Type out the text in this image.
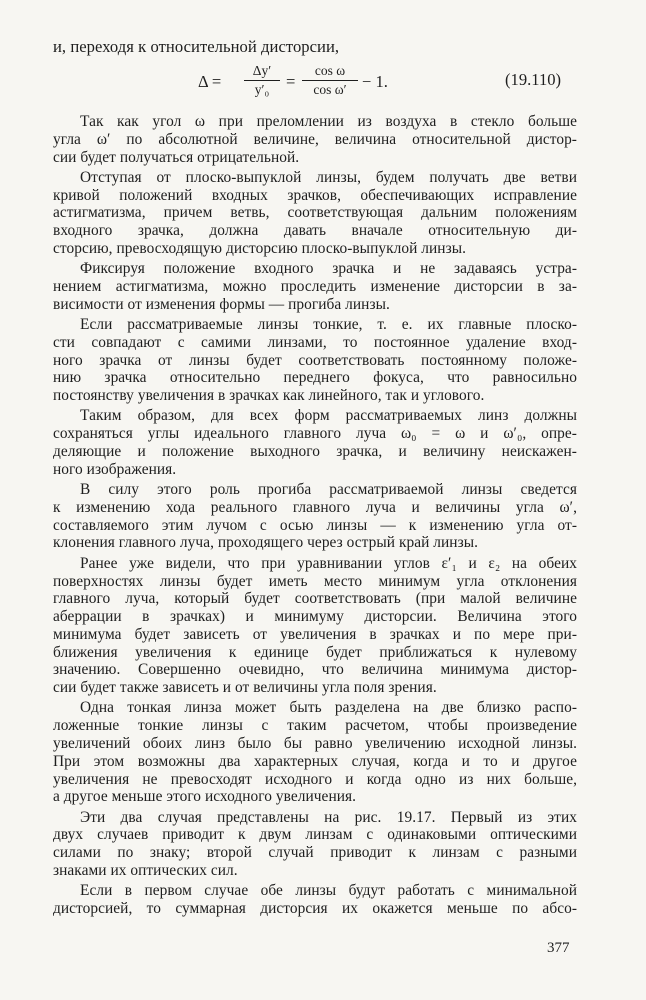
и, переходя к относительной дисторсии,
Δ =
Δy′
y′₀	=
cos ω
cos ω′ − 1.	(19.110)
Так как угол ω при преломлении из воздуха в стекло больше
угла ω′ по абсолютной величине, величина относительной дистор-
сии будет получаться отрицательной.
Отступая от плоско-выпуклой линзы, будем получать две ветви
кривой положений входных зрачков, обеспечивающих исправление
астигматизма, причем ветвь, соответствующая дальним положениям
входного зрачка, должна давать вначале относительную ди-
сторсию, превосходящую дисторсию плоско-выпуклой линзы.
Фиксируя положение входного зрачка и не задаваясь устра-
нением астигматизма, можно проследить изменение дисторсии в за-
висимости от изменения формы — прогиба линзы.
Если рассматриваемые линзы тонкие, т. е. их главные плоско-
сти совпадают с самими линзами, то постоянное удаление вход-
ного зрачка от линзы будет соответствовать постоянному положе-
нию зрачка относительно переднего фокуса, что равносильно
постоянству увеличения в зрачках как линейного, так и углового.
Таким образом, для всех форм рассматриваемых линз должны
сохраняться углы идеального главного луча ω₀ = ω и ω′₀, опре-
деляющие и положение выходного зрачка, и величину неискажен-
ного изображения.
В силу этого роль прогиба рассматриваемой линзы сведется
к изменению хода реального главного луча и величины угла ω′,
составляемого этим лучом с осью линзы — к изменению угла от-
клонения главного луча, проходящего через острый край линзы.
Ранее уже видели, что при уравнивании углов ε′₁ и ε₂ на обеих
поверхностях линзы будет иметь место минимум угла отклонения
главного луча, который будет соответствовать (при малой величине
аберрации в зрачках) и минимуму дисторсии. Величина этого
минимума будет зависеть от увеличения в зрачках и по мере при-
ближения увеличения к единице будет приближаться к нулевому
значению. Совершенно очевидно, что величина минимума дистор-
сии будет также зависеть и от величины угла поля зрения.
Одна тонкая линза может быть разделена на две близко распо-
ложенные тонкие линзы с таким расчетом, чтобы произведение
увеличений обоих линз было бы равно увеличению исходной линзы.
При этом возможны два характерных случая, когда и то и другое
увеличения не превосходят исходного и когда одно из них больше,
а другое меньше этого исходного увеличения.
Эти два случая представлены на рис. 19.17. Первый из этих
двух случаев приводит к двум линзам с одинаковыми оптическими
силами по знаку; второй случай приводит к линзам с разными
знаками их оптических сил.
Если в первом случае обе линзы будут работать с минимальной
дисторсией, то суммарная дисторсия их окажется меньше по абсо-
377
